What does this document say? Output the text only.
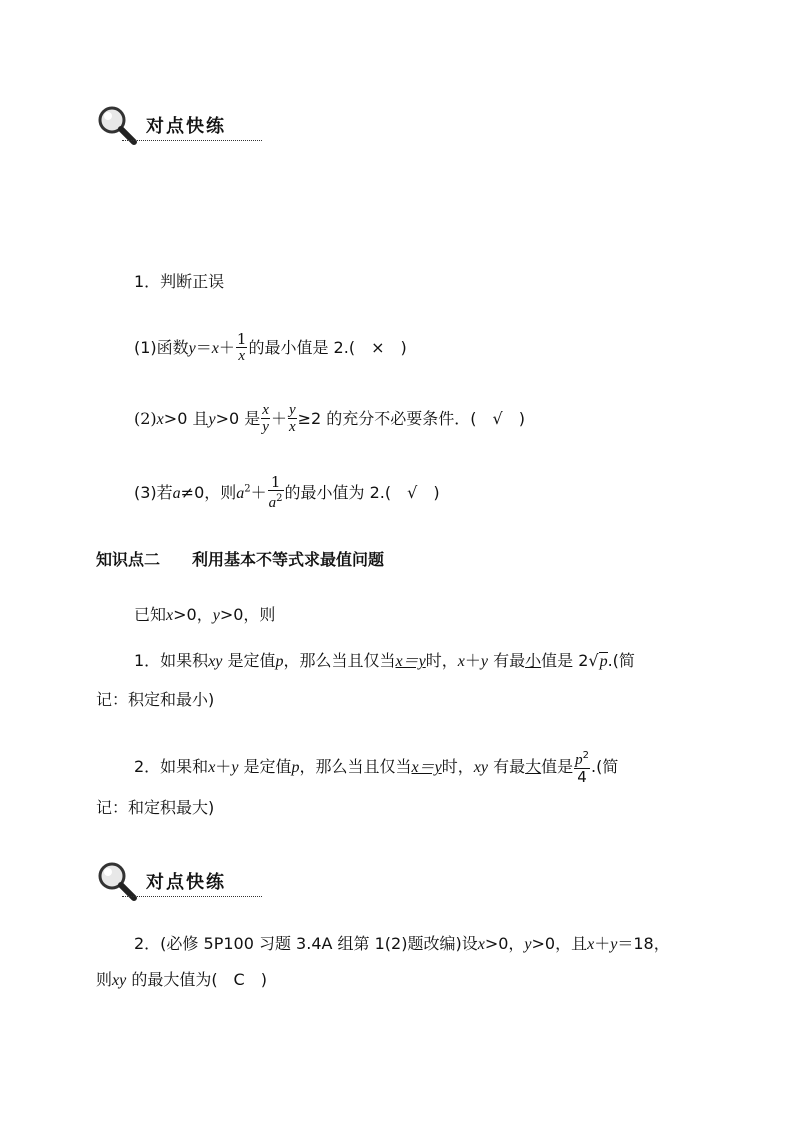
对点快练
1．判断正误
(1)函数$y=x+ \frac{1}{x}$ 的最小值是 2.(　×　)
(2)x>0 且y>0 是 $\frac{x}{y} + \frac{y}{x} \ge 2$ 的充分不必要条件．(　√　)
(3)若a≠0，则$a^2+ \frac{1}{a^2}$ 的最小值为 2.(　√　)
知识点二　　利用基本不等式求最值问题
已知x>0，y>0，则
1．如果积xy 是定值p，那么当且仅当x＝y时，x＋y 有最小值是 2√p.(简
记：积定和最小)
2．如果和x＋y 是定值p，那么当且仅当x＝y时，xy 有最大值是 $\frac{p^2}{4}$ .(简
记：和定积最大)
对点快练
2．(必修 5P100 习题 3.4A 组第 1(2)题改编)设x>0，y>0，且x＋y＝18，
则xy 的最大值为(　C　)
